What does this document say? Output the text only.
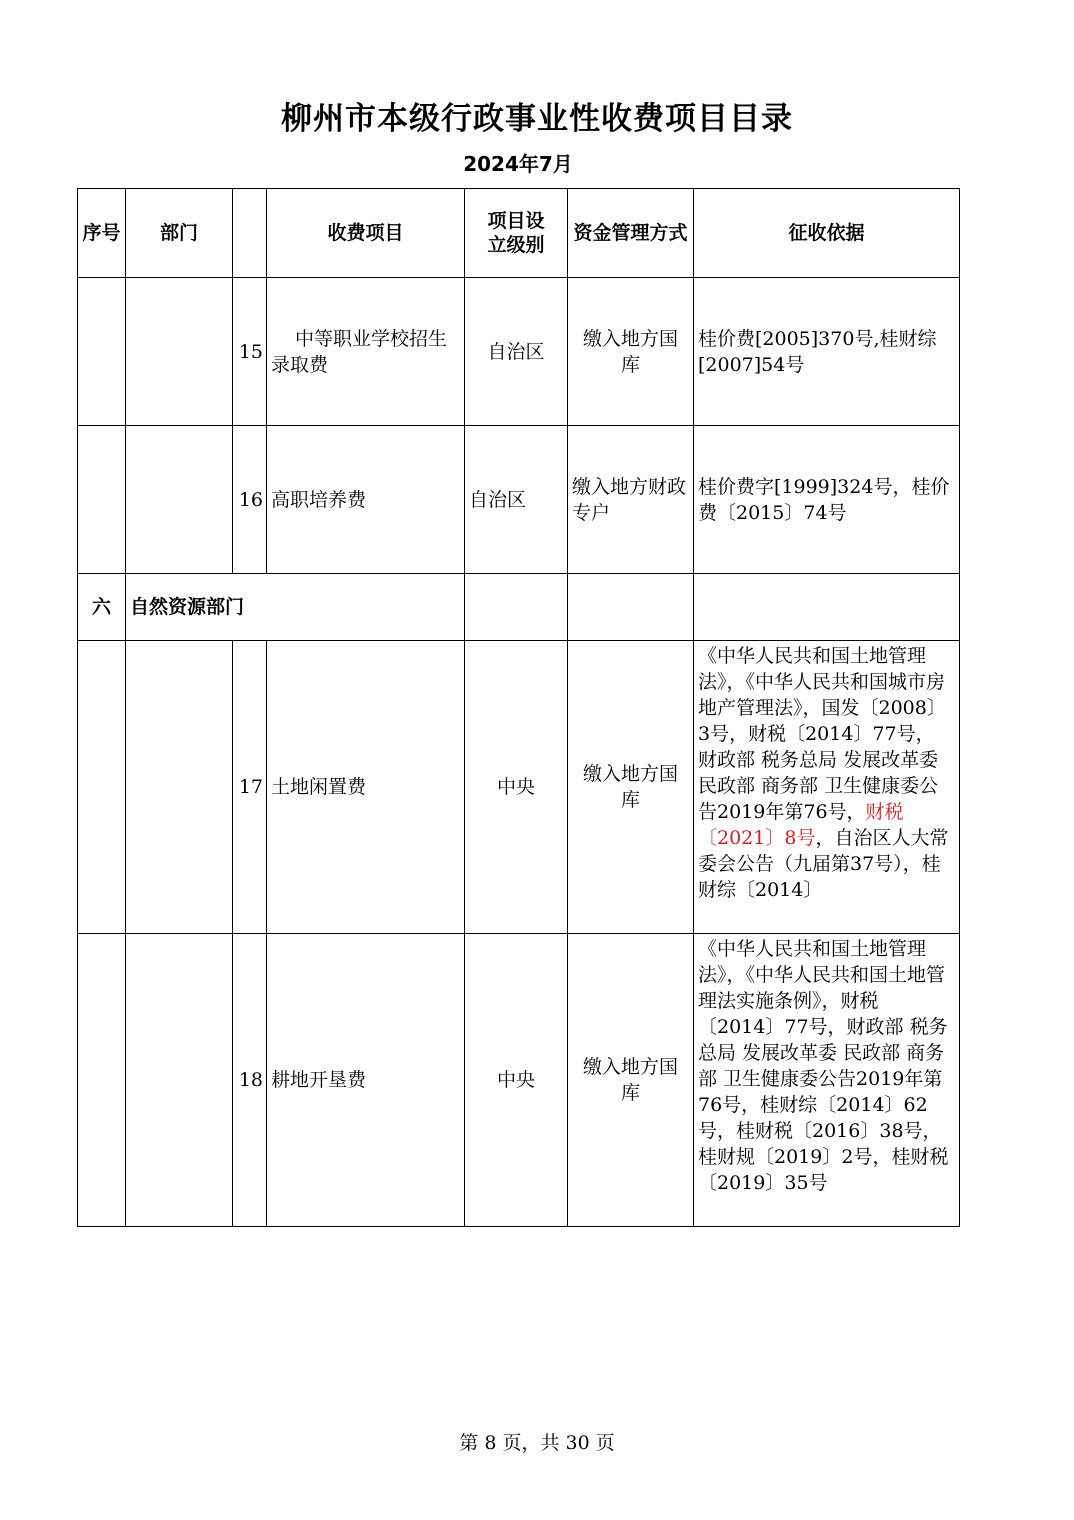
柳州市本级行政事业性收费项目目录
2024年7月
序号	部门		收费项目	项目设立级别	资金管理方式	征收依据
		15	中等职业学校招生录取费	自治区	缴入地方国库	桂价费[2005]370号,桂财综[2007]54号
		16	高职培养费	自治区	缴入地方财政专户	桂价费字[1999]324号，桂价费〔2015〕74号
六	自然资源部门					
		17	土地闲置费	中央	缴入地方国库	《中华人民共和国土地管理法》，《中华人民共和国城市房地产管理法》，国发〔2008〕3号，财税〔2014〕77号，财政部 税务总局 发展改革委 民政部 商务部 卫生健康委公告2019年第76号，财税〔2021〕8号，自治区人大常委会公告（九届第37号），桂财综〔2014〕

		18	耕地开垦费	中央	缴入地方国库	《中华人民共和国土地管理法》，《中华人民共和国土地管理法实施条例》，财税〔2014〕77号，财政部 税务总局 发展改革委 民政部 商务部 卫生健康委公告2019年第76号，桂财综〔2014〕62号，桂财税〔2016〕38号，桂财规〔2019〕2号，桂财税〔2019〕35号
第 8 页，共 30 页
